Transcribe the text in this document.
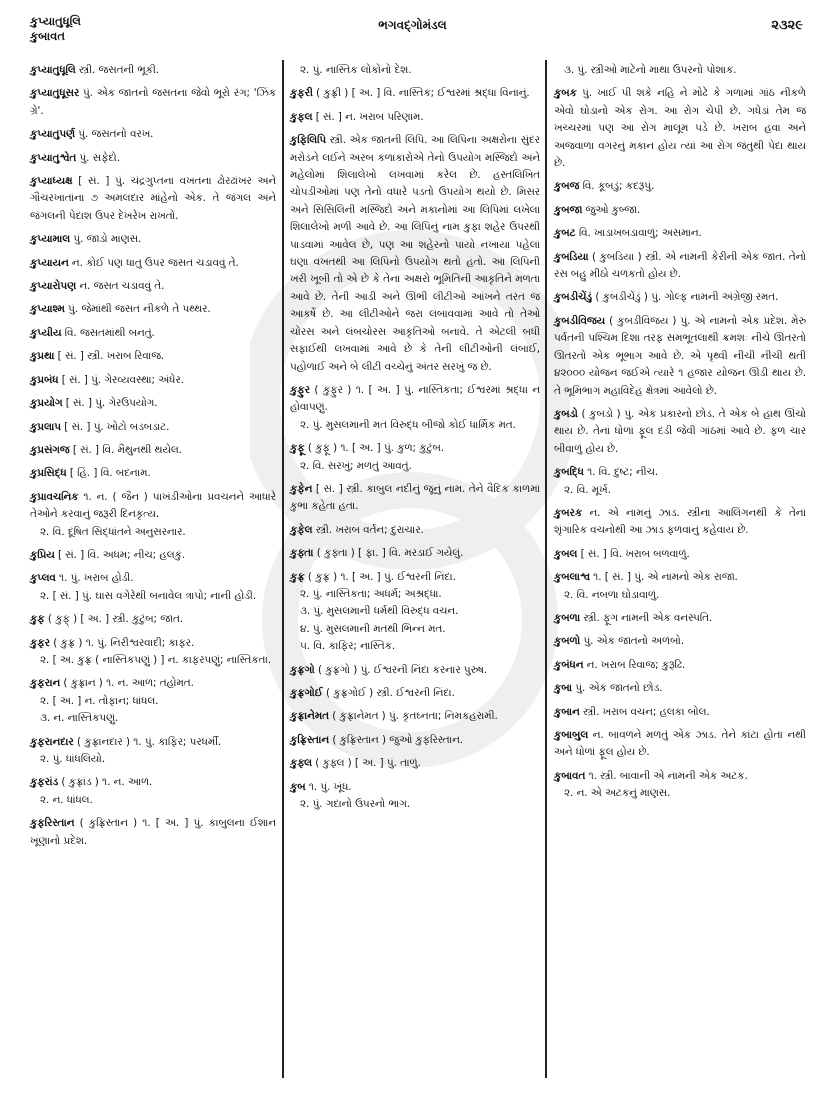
કુપ્યાતુધૂલિ
કુબાવત
ભગવદ્ગોમંડલ	૨૩૨૯
કુપ્યાતુધૂલિ સ્ત્રી. જસતની ભૂકી.
કુપ્યાતુધૂસર પું. એક જાતનો જસતના જેવો ભૂરો રંગ; 'ઝિંક ગ્રે'.
કુપ્યાતુપર્ણ પું. જસતનો વરખ.
કુપ્યાતુશ્વેત પું. સફેદો.
કુપ્યાધ્યક્ષ [ સં. ] પું. ચંદ્રગુપ્તના વખતના ઢોરઢાંખર અને ગૌચરખાતાંના ૭ અમલદાર માંહેનો એક. તે જંગલ અને જંગલની પેદાશ ઉપર દેખરેખ રાખતો.
કુપ્યામાલ પું. જાડો માણસ.
કુપ્યાયન ન. કોઈ પણ ધાતુ ઉપર જસત ચડાવવું તે.
કુપ્યારોપણ ન. જસત ચડાવવું તે.
કુપ્યાશ્મ પું. જેમાંથી જસત નીકળે તે પથ્થર.
કુપ્યીય વિ. જસતમાંથી બનતું.
કુપ્રથા [ સં. ] સ્ત્રી. ખરાબ રિવાજ.
કુપ્રબંધ [ સં. ] પું. ગેરવ્યવસ્થા; અંધેર.
કુપ્રયોગ [ સં. ] પું. ગેરઉપયોગ.
કુપ્રલાપ [ સં. ] પું. ખોટો બડબડાટ.
કુપ્રસંગજ [ સં. ] વિ. મૈથુનથી થયેલ.
કુપ્રસિદ્ધ [ હિં. ] વિ. બદનામ.
કુપ્રાવચનિક ૧. ન. ( જૈન ) પાખંડીઓના પ્રવચનને આધારે તેઓને કરવાનું જરૂરી દિનકૃત્ય.
૨. વિ. દૂષિત સિદ્ધાંતને અનુસરનાર.
કુપ્રિય [ સં. ] વિ. અધમ; નીચ; હલકું.
કુપ્લવ ૧. પું. ખરાબ હોડી.
૨. [ સં. ] પું. ઘાસ વગેરેથી બનાવેલ ત્રાપો; નાની હોડી.
કુફ ( કુફ્ ) [ અ. ] સ્ત્રી. કુટુંબ; જાત.
કુફર ( કુફ્ર ) ૧. પું. નિરીશ્વરવાદી; કાફર.
૨. [ અ. કુફ્ર ( નાસ્તિકપણું ) ] ન. કાફરપણું; નાસ્તિકતા.
કુફરાન ( કુફ્રાન ) ૧. ન. આળ; તહોમત.
૨. [ અ. ] ન. તોફાન; ધાંધલ.
૩. ન. નાસ્તિકપણું.
કુફરાનદાર ( કુફ્રાનદાર ) ૧. પું. કાફિર; પરધર્મી.
૨. પું. ધાંધલિયો.
કુફરાંડ ( કુફ્રાંડ ) ૧. ન. આળ.
૨. ન. ધાંધલ.
કુફરિસ્તાન ( કુફ્રિસ્તાન ) ૧. [ અ. ] પું. કાબુલના ઈશાન ખૂણાનો પ્રદેશ.
૨. પું. નાસ્તિક લોકોનો દેશ.
કુફરી ( કુફ્રી ) [ અ. ] વિ. નાસ્તિક; ઈશ્વરમાં શ્રદ્ધા વિનાનું.
કુફલ [ સં. ] ન. ખરાબ પરિણામ.
કુફિલિપિ સ્ત્રી. એક જાતની લિપિ. આ લિપિના અક્ષરોના સુંદર મરોડને લઈને અરબ કળાકારોએ તેનો ઉપયોગ મસ્જિદો અને મહેલોમાં શિલાલેખો લખવામાં કરેલ છે. હસ્તલિખિત ચોપડીઓમાં પણ તેનો વધારે પડતો ઉપયોગ થયો છે. મિસર અને સિસિલિની મસ્જિદો અને મકાનોમાં આ લિપિમાં લખેલા શિલાલેખો મળી આવે છે. આ લિપિનું નામ કુફા શહેર ઉપરથી પાડવામાં આવેલ છે, પણ આ શહેરનો પાયો નખાયા પહેલાં ઘણા વખતથી આ લિપિનો ઉપયોગ થતો હતો. આ લિપિની ખરી ખૂબી તો એ છે કે તેના અક્ષરો ભૂમિતિની આકૃતિને મળતા આવે છે. તેની આડી અને ઊભી લીટીઓ આંખને તરત જ આકર્ષે છે. આ લીટીઓને જરા લંબાવવામાં આવે તો તેઓ ચોરસ અને લંબચોરસ આકૃતિઓ બનાવે. તે એટલી બધી સફાઈથી લખવામાં આવે છે કે તેની લીટીઓની લંબાઈ, પહોળાઈ અને બે લીટી વચ્ચેનું અંતર સરખું જ છે.
કુફુર ( કુફુર ) ૧. [ અ. ] પું. નાસ્તિકતા; ઈશ્વરમાં શ્રદ્ધા ન હોવાપણું.
૨. પું. મુસલમાની મત વિરુદ્ધ બીજો કોઈ ધાર્મિક મત.
કુફૂ ( કુફૂ ) ૧. [ અ. ] પું. કુળ; કુટુંબ.
૨. વિ. સરખું; મળતું આવતું.
કુફેન [ સં. ] સ્ત્રી. કાબુલ નદીનું જૂનું નામ. તેને વૈદિક કાળમાં કુભા કહેતા હતા.
કુફેલ સ્ત્રી. ખરાબ વર્તન; દુરાચાર.
કુફ્તા ( કુફ્તા ) [ ફા. ] વિ. મરડાઈ ગયેલું.
કુફ્ર ( કુફ્ર ) ૧. [ અ. ] પું. ઈશ્વરની નિંદા.
૨. પું. નાસ્તિકતા; અધર્મ; અશ્રદ્ધા.
૩. પું. મુસલમાની ધર્મથી વિરુદ્ધ વચન.
૪. પું. મુસલમાની મતથી ભિન્ન મત.
૫. વિ. કાફિર; નાસ્તિક.
કુફ્રગો ( કુફ્રગો ) પું. ઈશ્વરની નિંદા કરનાર પુરુષ.
કુફ્રગોઈ ( કુફ્રગોઈ ) સ્ત્રી. ઈશ્વરની નિંદા.
કુફ્રાનેમત ( કુફ્રાનેમત ) પું. કૃતઘ્નતા; નિમકહરામી.
કુફ્રિસ્તાન ( કુફ્રિસ્તાન ) જુઓ કુફરિસ્તાન.
કુફ્લ ( કુફ્લ ) [ અ. ] પું. તાળું.
કુબ ૧. પું. ખૂંધ.
૨. પું. ગદાનો ઉપરનો ભાગ.
૩. પું. સ્ત્રીઓ માટેનો માથા ઉપરનો પોશાક.
કુબક પું. ખાઈ પી શકે નહિ ને મોઢે કે ગળામાં ગાંઠ નીકળે એવો ઘોડાનો એક રોગ. આ રોગ ચેપી છે. ગધેડાં તેમ જ ખચ્ચરમાં પણ આ રોગ માલૂમ પડે છે. ખરાબ હવા અને અજવાળા વગરનું મકાન હોય ત્યાં આ રોગ જંતુથી પેદા થાય છે.
કુબજ વિ. કૂબડું; કદરૂપું.
કુબજા જુઓ કુબ્જા.
કુબટ વિ. ખાડાખબડાવાળું; અસમાન.
કુબડિયા ( કુબડિયા ) સ્ત્રી. એ નામની કેરીની એક જાત. તેનો રસ બહુ મીઠો ચળકતો હોય છે.
કુબડીચેંડું ( કુબડીચેંડું ) પું. ગોલ્ફ નામની અંગ્રેજી રમત.
કુબડીવિજય ( કુબડીવિજય ) પું. એ નામનો એક પ્રદેશ. મેરુ પર્વતની પશ્ચિમ દિશા તરફ સમભૂતલાથી ક્રમશઃ નીચે ઊતરતો ઊતરતો એક ભૂભાગ આવે છે. એ પૃથ્વી નીચી નીચી થતી ૪૨૦૦૦ યોજન જઈએ ત્યારે ૧ હજાર યોજન ઊંડી થાય છે. તે ભૂમિભાગ મહાવિદેહ ક્ષેત્રમાં આવેલો છે.
કુબડો ( કુબડો ) પું. એક પ્રકારનો છોડ. તે એક બે હાથ ઊંચો થાય છે. તેનાં ધોળાં ફૂલ દડી જેવી ગાંઠમાં આવે છે. ફળ ચાર બીવાળું હોય છે.
કુબદ્ધિ ૧. વિ. દુષ્ટ; નીચ.
૨. વિ. મૂર્ખ.
કુબરક ન. એ નામનું ઝાડ. સ્ત્રીના આલિંગનથી કે તેનાં શૃંગારિક વચનોથી આ ઝાડ ફળવાનું કહેવાય છે.
કુબલ [ સં. ] વિ. ખરાબ બળવાળું.
કુબલાશ્વ ૧. [ સં. ] પું. એ નામનો એક રાજા.
૨. વિ. નબળા ઘોડાવાળું.
કુબળા સ્ત્રી. ફૂગ નામની એક વનસ્પતિ.
કુબળો પું. એક જાતનો અળંબો.
કુબંધન ન. ખરાબ રિવાજ; કુરૂઢિ.
કુબા પું. એક જાતનો છોડ.
કુબાન સ્ત્રી. ખરાબ વચન; હલકા બોલ.
કુબાબુલ ન. બાવળને મળતું એક ઝાડ. તેને કાંટા હોતા નથી અને ધોળાં ફૂલ હોય છે.
કુબાવત ૧. સ્ત્રી. બાવાની એ નામની એક અટક.
૨. ન. એ અટકનું માણસ.
